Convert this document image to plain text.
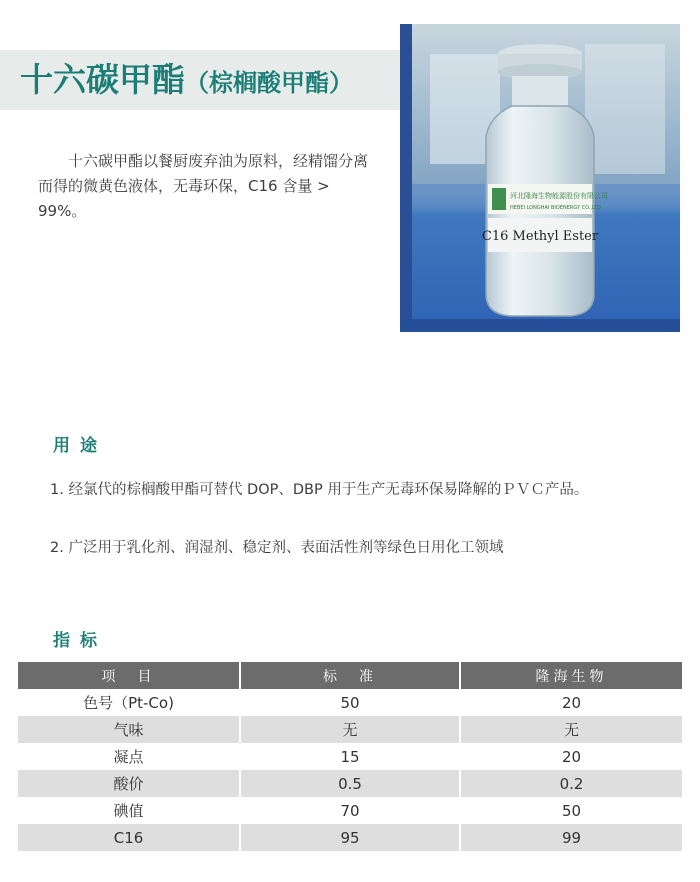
十六碳甲酯（棕榈酸甲酯）

十六碳甲酯以餐厨废弃油为原料，经精馏分离而得的微黄色液体，无毒环保，C16 含量 > 99%。

河北隆海生物能源股份有限公司
HEBEI LONGHAI BIOENERGY CO.,LTD
C16 Methyl Ester
用途
1. 经氯代的棕榈酸甲酯可替代 DOP、DBP 用于生产无毒环保易降解的ＰＶＣ产品。
2. 广泛用于乳化剂、润湿剂、稳定剂、表面活性剂等绿色日用化工领域
指标
项　目	标　准	隆海生物
色号（Pt-Co)	50	20
气味	无	无
凝点	15	20
酸价	0.5	0.2
碘值	70	50
C16	95	99
